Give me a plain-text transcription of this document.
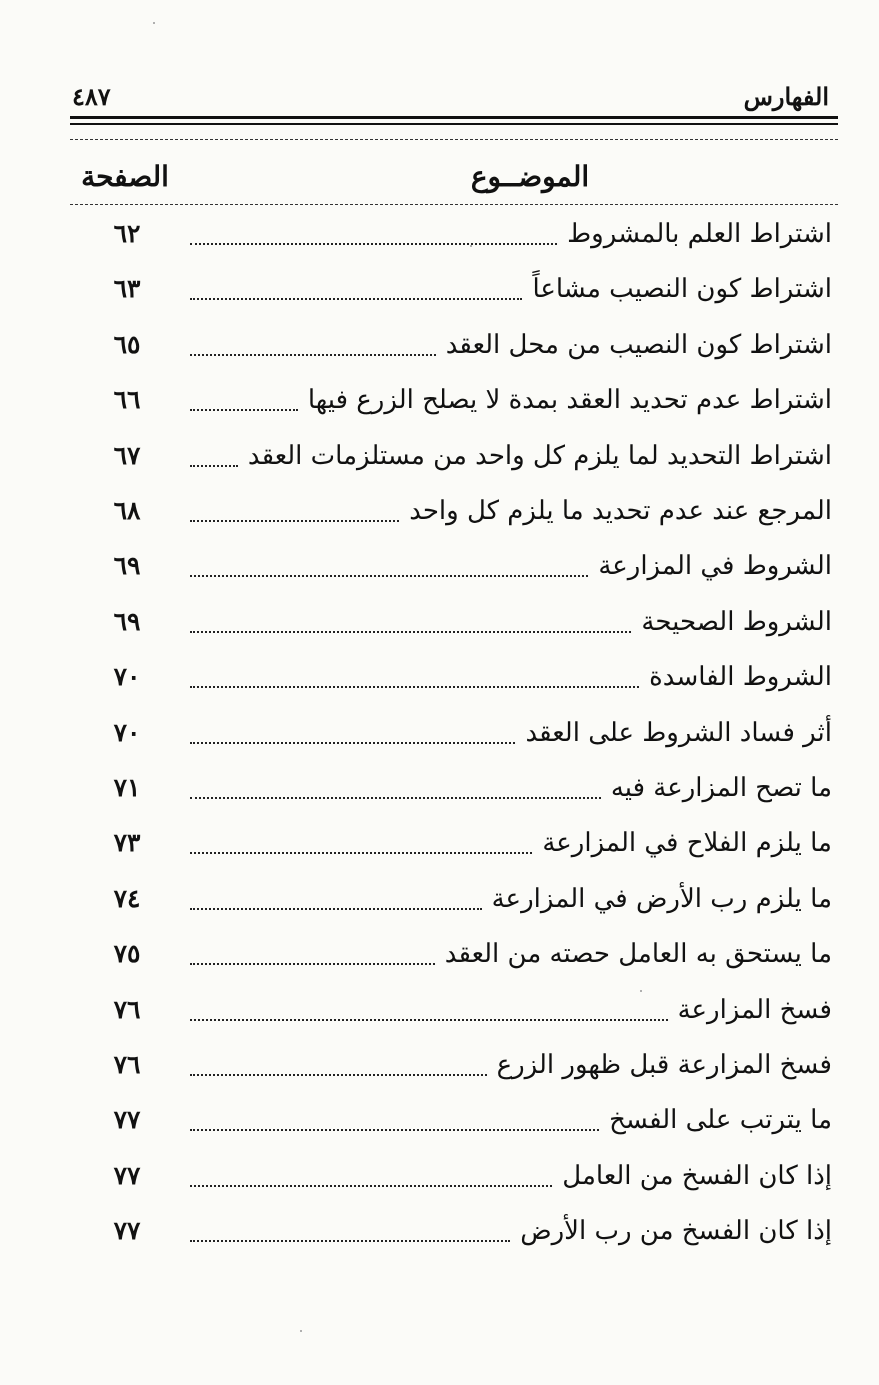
الفهارس
٤٨٧
الموضــوع
الصفحة
اشتراط العلم بالمشروط
٦٢
اشتراط كون النصيب مشاعاً
٦٣
اشتراط كون النصيب من محل العقد
٦٥
اشتراط عدم تحديد العقد بمدة لا يصلح الزرع فيها
٦٦
اشتراط التحديد لما يلزم كل واحد من مستلزمات العقد
٦٧
المرجع عند عدم تحديد ما يلزم كل واحد
٦٨
الشروط في المزارعة
٦٩
الشروط الصحيحة
٦٩
الشروط الفاسدة
٧٠
أثر فساد الشروط على العقد
٧٠
ما تصح المزارعة فيه
٧١
ما يلزم الفلاح في المزارعة
٧٣
ما يلزم رب الأرض في المزارعة
٧٤
ما يستحق به العامل حصته من العقد
٧٥
فسخ المزارعة
٧٦
فسخ المزارعة قبل ظهور الزرع
٧٦
ما يترتب على الفسخ
٧٧
إذا كان الفسخ من العامل
٧٧
إذا كان الفسخ من رب الأرض
٧٧
